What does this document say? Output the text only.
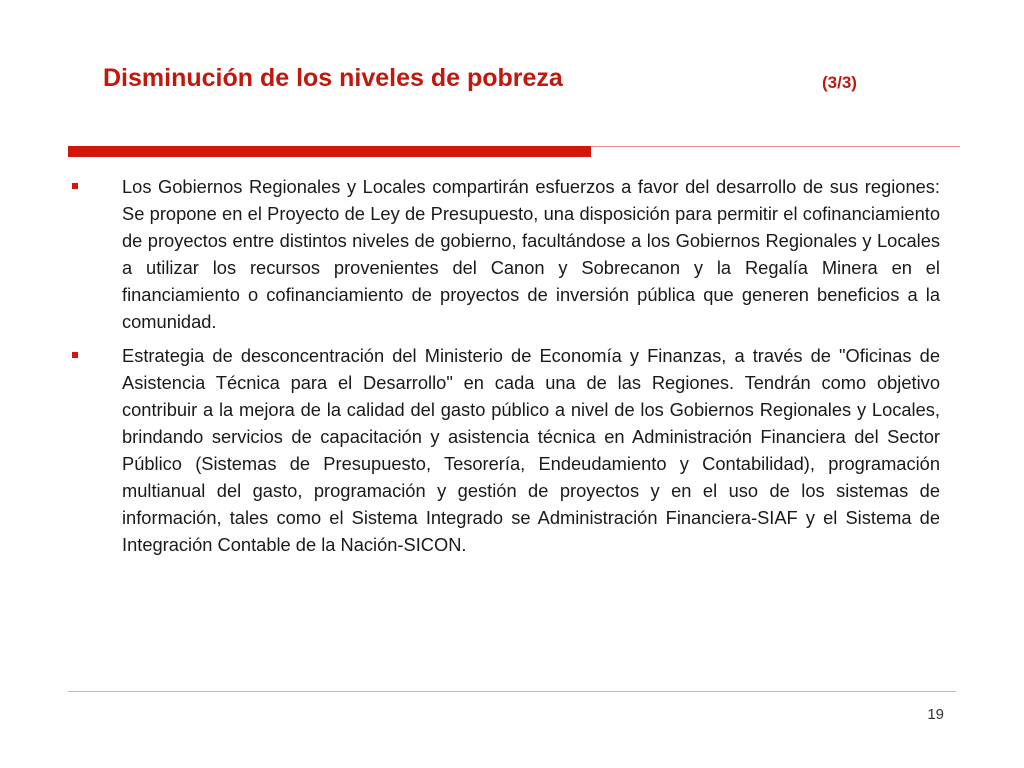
Disminución de los niveles de pobreza	(3/3)
Los Gobiernos Regionales y Locales compartirán esfuerzos a favor del desarrollo de sus regiones: Se propone en el Proyecto de Ley de Presupuesto, una disposición para permitir el cofinanciamiento de proyectos entre distintos niveles de gobierno, facultándose a los Gobiernos Regionales y Locales a utilizar los recursos provenientes del Canon y Sobrecanon y la Regalía Minera en el financiamiento o cofinanciamiento de proyectos de inversión pública que generen beneficios a la comunidad.
Estrategia de desconcentración del Ministerio de Economía y Finanzas, a través de "Oficinas de Asistencia Técnica para el Desarrollo" en cada una de las Regiones. Tendrán como objetivo contribuir a la mejora de la calidad del gasto público a nivel de los Gobiernos Regionales y Locales, brindando servicios de capacitación y asistencia técnica en Administración Financiera del Sector Público (Sistemas de Presupuesto, Tesorería, Endeudamiento y Contabilidad), programación multianual del gasto, programación y gestión de proyectos y en el uso de los sistemas de información, tales como el Sistema Integrado se Administración Financiera-SIAF y el Sistema de Integración Contable de la Nación-SICON.
19
